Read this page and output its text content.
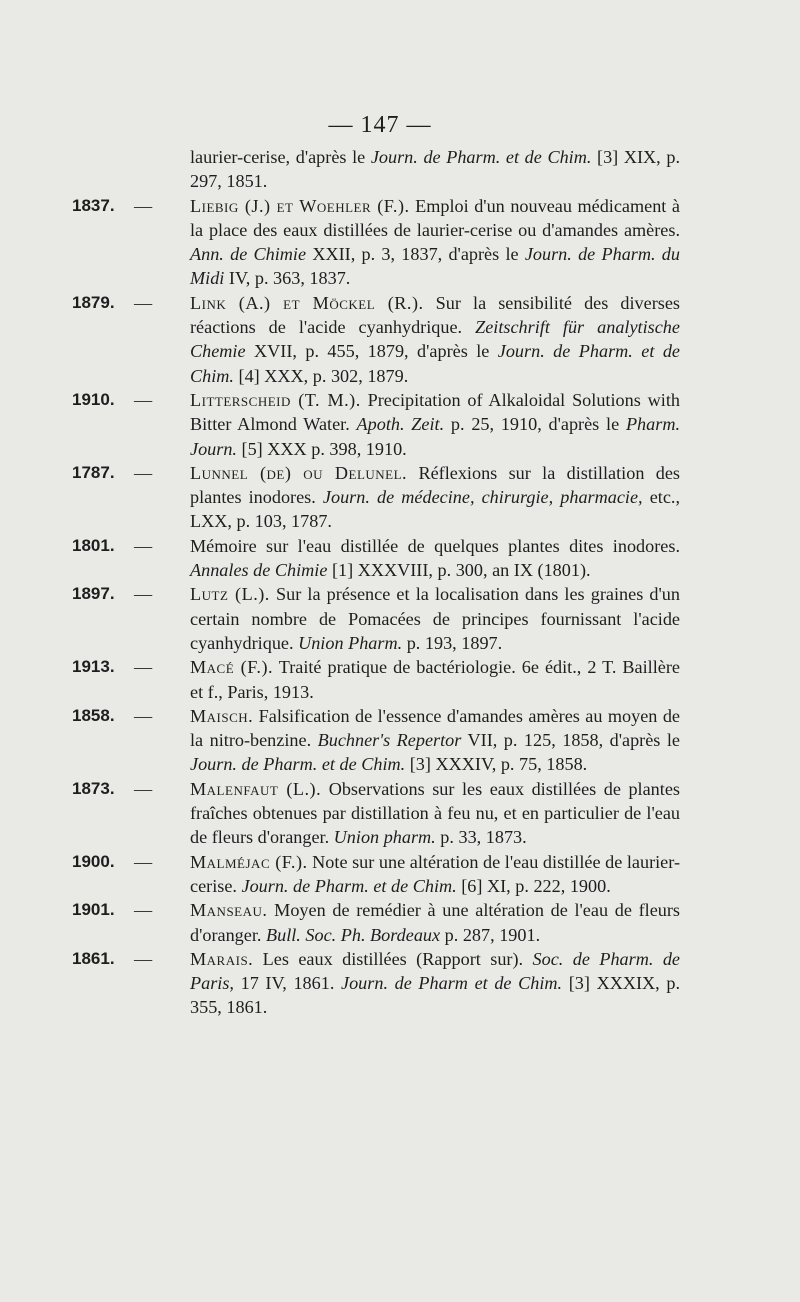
— 147 —
laurier-cerise, d'après le Journ. de Pharm. et de Chim. [3] XIX, p. 297, 1851.
1837.	— Liebig (J.) et Woehler (F.). Emploi d'un nouveau médicament à la place des eaux distillées de laurier-cerise ou d'amandes amères. Ann. de Chimie XXII, p. 3, 1837, d'après le Journ. de Pharm. du Midi IV, p. 363, 1837.
1879.	— Link (A.) et Möckel (R.). Sur la sensibilité des diverses réactions de l'acide cyanhydrique. Zeitschrift für analytische Chemie XVII, p. 455, 1879, d'après le Journ. de Pharm. et de Chim. [4] XXX, p. 302, 1879.
1910.	— Litterscheid (T. M.). Precipitation of Alkaloidal Solutions with Bitter Almond Water. Apoth. Zeit. p. 25, 1910, d'après le Pharm. Journ. [5] XXX p. 398, 1910.
1787.	— Lunnel (de) ou Delunel. Réflexions sur la distillation des plantes inodores. Journ. de médecine, chirurgie, pharmacie, etc., LXX, p. 103, 1787.
1801.	— Mémoire sur l'eau distillée de quelques plantes dites inodores. Annales de Chimie [1] XXXVIII, p. 300, an IX (1801).
1897.	— Lutz (L.). Sur la présence et la localisation dans les graines d'un certain nombre de Pomacées de principes fournissant l'acide cyanhydrique. Union Pharm. p. 193, 1897.
1913.	— Macé (F.). Traité pratique de bactériologie. 6e édit., 2 T. Baillère et f., Paris, 1913.
1858.	— Maisch. Falsification de l'essence d'amandes amères au moyen de la nitro-benzine. Buchner's Repertor VII, p. 125, 1858, d'après le Journ. de Pharm. et de Chim. [3] XXXIV, p. 75, 1858.
1873.	— Malenfaut (L.). Observations sur les eaux distillées de plantes fraîches obtenues par distillation à feu nu, et en particulier de l'eau de fleurs d'oranger. Union pharm. p. 33, 1873.
1900.	— Malméjac (F.). Note sur une altération de l'eau distillée de laurier-cerise. Journ. de Pharm. et de Chim. [6] XI, p. 222, 1900.
1901.	— Manseau. Moyen de remédier à une altération de l'eau de fleurs d'oranger. Bull. Soc. Ph. Bordeaux p. 287, 1901.
1861.	— Marais. Les eaux distillées (Rapport sur). Soc. de Pharm. de Paris, 17 IV, 1861. Journ. de Pharm et de Chim. [3] XXXIX, p. 355, 1861.
